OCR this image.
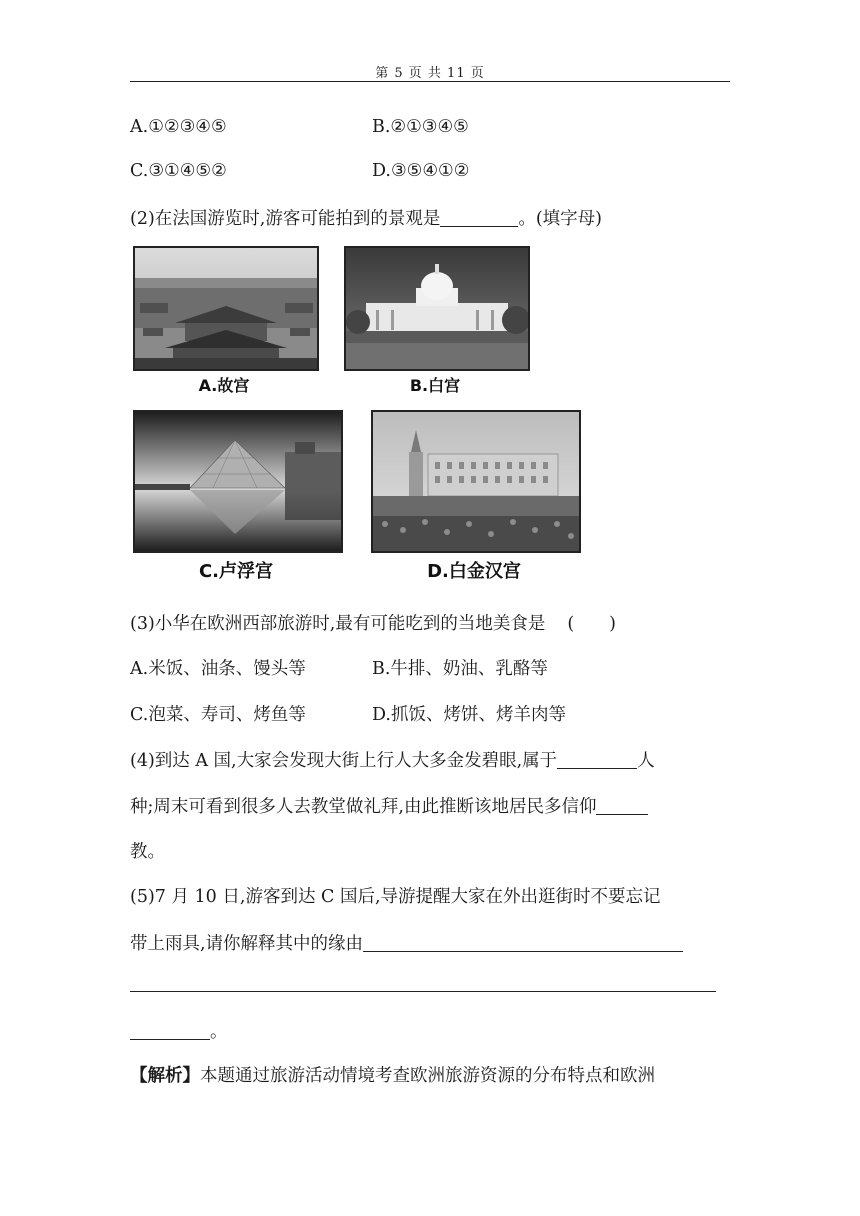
第 5 页 共 11 页
A.①②③④⑤	B.②①③④⑤
C.③①④⑤②	D.③⑤④①②
(2)在法国游览时,游客可能拍到的景观是	。(填字母)
A.故宫	B.白宫
C.卢浮宫	D.白金汉宫
(3)小华在欧洲西部旅游时,最有可能吃到的当地美食是 (　　)
A.米饭、油条、馒头等	B.牛排、奶油、乳酪等
C.泡菜、寿司、烤鱼等	D.抓饭、烤饼、烤羊肉等
(4)到达 A 国,大家会发现大街上行人大多金发碧眼,属于	人
种;周末可看到很多人去教堂做礼拜,由此推断该地居民多信仰
教。
(5)7 月 10 日,游客到达 C 国后,导游提醒大家在外出逛街时不要忘记
带上雨具,请你解释其中的缘由
。
【解析】本题通过旅游活动情境考查欧洲旅游资源的分布特点和欧洲
